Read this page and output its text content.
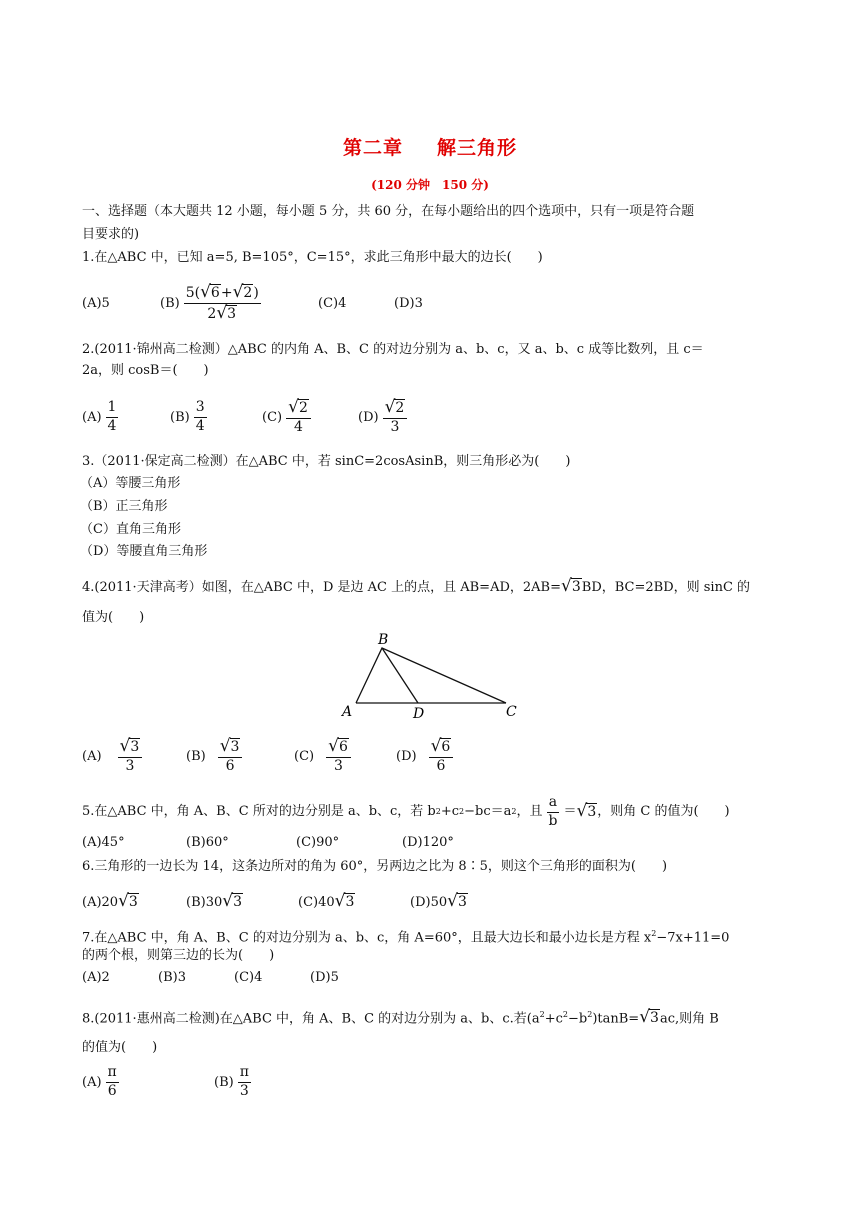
第二章 解三角形
(120 分钟　150 分)
一、选择题（本大题共 12 小题，每小题 5 分，共 60 分，在每小题给出的四个选项中，只有一项是符合题
目要求的)
1.在△ABC 中，已知 a=5, B=105°，C=15°，求此三角形中最大的边长(　　)
(A)5	$(B) \frac{5( √ 6 + √ 2 )}{2 √ 3}$	(C)4	(D)3
2.(2011·锦州高二检测）△ABC 的内角 A、B、C 的对边分别为 a、b、c，又 a、b、c 成等比数列，且 c＝
2a，则 cosB＝(　　)
$(A) \frac{1}{4}$	$(B) \frac{3}{4}$	$(C) \frac{√ 2}{4}$	$(D) \frac{√ 2}{3}$
3.（2011·保定高二检测）在△ABC 中，若 sinC=2cosAsinB，则三角形必为(　　)
（A）等腰三角形
（B）正三角形
（C）直角三角形
（D）等腰直角三角形
4.(2011·天津高考）如图，在△ABC 中，D 是边 AC 上的点，且 AB=AD，2AB= √ 3 BD，BC=2BD，则 sinC 的
值为(　　)
B
A	D	C
$(A) \frac{√ 3}{3}$	$(B) \frac{√ 3}{6}$	$(C) \frac{√ 6}{3}$	$(D) \frac{√ 6}{6}$
5.在△ABC 中，角 A、B、C 所对的边分别是 a、b、c，若 b 2 +c 2 −bc＝a 2 ，且 $\frac{a}{b}$ ＝ √ 3 ，则角 C 的值为(　　)
(A)45°	(B)60°	(C)90°	(D)120°
6.三角形的一边长为 14，这条边所对的角为 60°，另两边之比为 8∶5，则这个三角形的面积为(　　)
(A)20 √ 3	(B)30 √ 3	(C)40 √ 3	(D)50 √ 3
7.在△ABC 中，角 A、B、C 的对边分别为 a、b、c，角 A=60°，且最大边长和最小边长是方程 $x^2-7x+11=0$
的两个根，则第三边的长为(　　)
(A)2	(B)3	(C)4	(D)5
8.(2011·惠州高二检测)在△ABC 中，角 A、B、C 的对边分别为 a、b、c.若$(a^2+c^2-b^2)\tan B=$ √ 3 ac,则角 B
的值为(　　)
$(A) \frac{\pi}{6}$	$(B) \frac{\pi}{3}$
